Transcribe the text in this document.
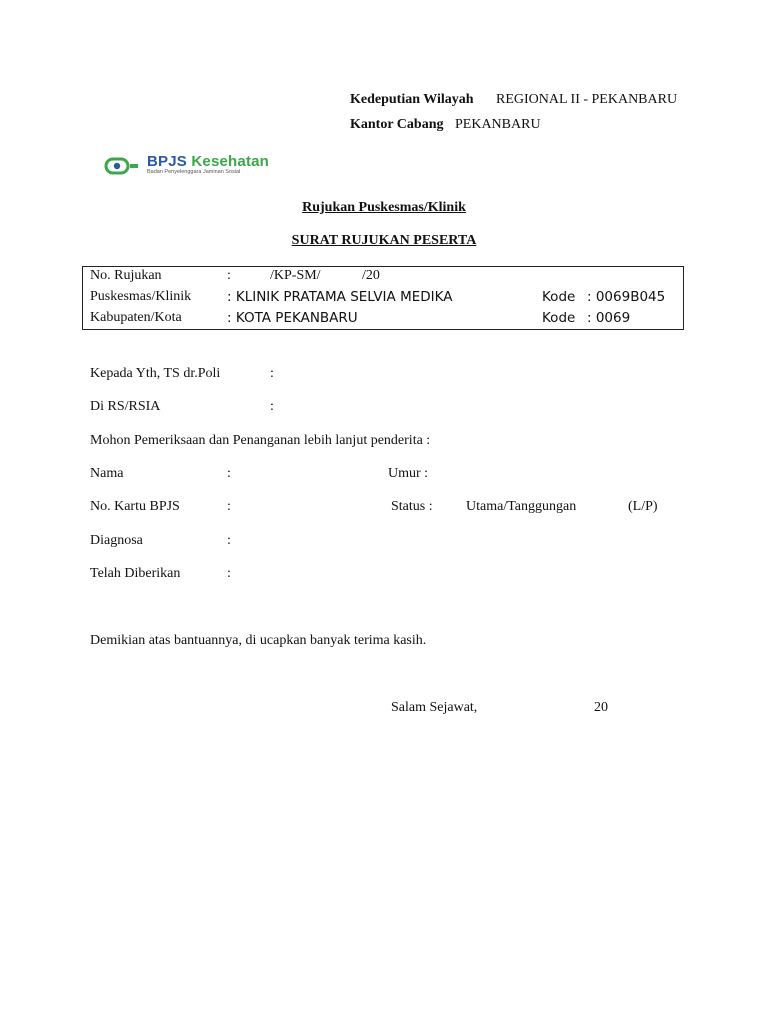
Kedeputian Wilayah REGIONAL II - PEKANBARU
Kantor Cabang PEKANBARU
BPJS Kesehatan
Badan Penyelenggara Jaminan Sosial
Rujukan Puskesmas/Klinik
SURAT RUJUKAN PESERTA
No. Rujukan	:	/KP-SM/	/20
Puskesmas/Klinik	: KLINIK PRATAMA SELVIA MEDIKA	Kode : 0069B045
Kabupaten/Kota	: KOTA PEKANBARU	Kode : 0069
Kepada Yth, TS dr.Poli	:
Di RS/RSIA	:
Mohon Pemeriksaan dan Penanganan lebih lanjut penderita :
Nama	:	Umur :
No. Kartu BPJS	:	Status : Utama/Tanggungan	(L/P)
Diagnosa	:
Telah Diberikan	:
Demikian atas bantuannya, di ucapkan banyak terima kasih.
Salam Sejawat,	20
